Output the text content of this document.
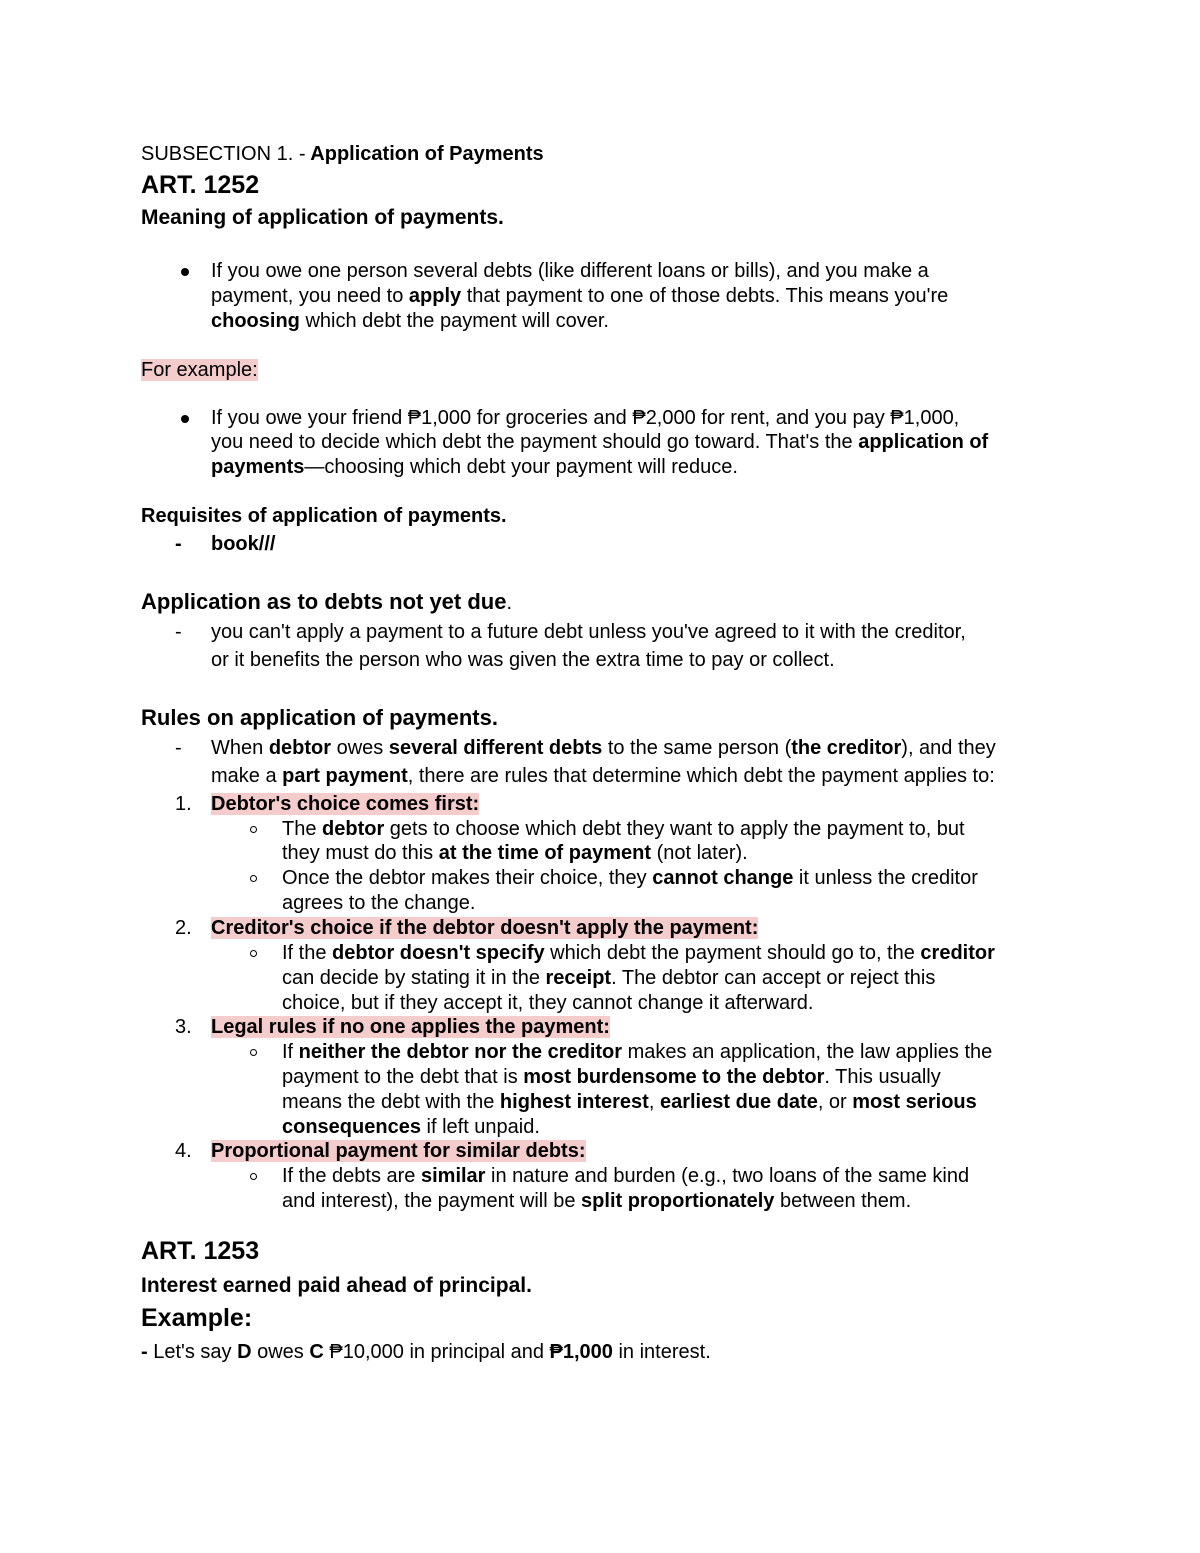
SUBSECTION 1. - Application of Payments
ART. 1252
Meaning of application of payments.
If you owe one person several debts (like different loans or bills), and you make a
payment, you need to apply that payment to one of those debts. This means you're
choosing which debt the payment will cover.
For example:
If you owe your friend ₱1,000 for groceries and ₱2,000 for rent, and you pay ₱1,000,
you need to decide which debt the payment should go toward. That's the application of
payments—choosing which debt your payment will reduce.
Requisites of application of payments.
- book///
Application as to debts not yet due.
- you can't apply a payment to a future debt unless you've agreed to it with the creditor,
or it benefits the person who was given the extra time to pay or collect.
Rules on application of payments.
- When debtor owes several different debts to the same person (the creditor), and they
make a part payment, there are rules that determine which debt the payment applies to:
1. Debtor's choice comes first:
The debtor gets to choose which debt they want to apply the payment to, but
they must do this at the time of payment (not later).
Once the debtor makes their choice, they cannot change it unless the creditor
agrees to the change.
2. Creditor's choice if the debtor doesn't apply the payment:
If the debtor doesn't specify which debt the payment should go to, the creditor
can decide by stating it in the receipt. The debtor can accept or reject this
choice, but if they accept it, they cannot change it afterward.
3. Legal rules if no one applies the payment:
If neither the debtor nor the creditor makes an application, the law applies the
payment to the debt that is most burdensome to the debtor. This usually
means the debt with the highest interest, earliest due date, or most serious
consequences if left unpaid.
4. Proportional payment for similar debts:
If the debts are similar in nature and burden (e.g., two loans of the same kind
and interest), the payment will be split proportionately between them.
ART. 1253
Interest earned paid ahead of principal.
Example:
- Let's say D owes C ₱10,000 in principal and ₱1,000 in interest.
